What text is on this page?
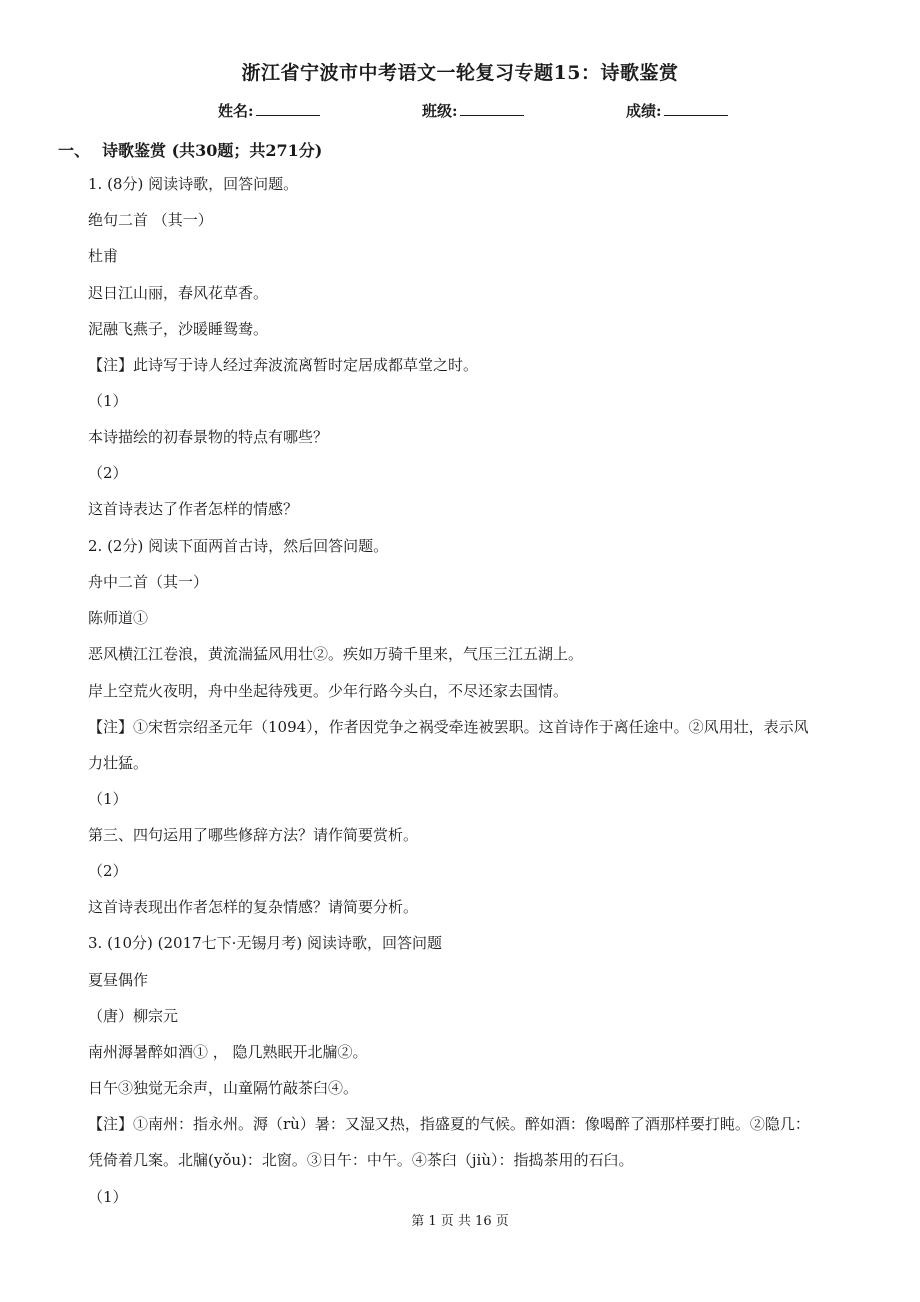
浙江省宁波市中考语文一轮复习专题15：诗歌鉴赏
姓名:	班级:	成绩:
一、 诗歌鉴赏 (共30题；共271分)
1. (8分) 阅读诗歌，回答问题。
绝句二首 （其一）
杜甫
迟日江山丽，春风花草香。
泥融飞燕子，沙暖睡鸳鸯。
【注】此诗写于诗人经过奔波流离暂时定居成都草堂之时。
（1）
本诗描绘的初春景物的特点有哪些？
（2）
这首诗表达了作者怎样的情感？
2. (2分) 阅读下面两首古诗，然后回答问题。
舟中二首（其一）
陈师道①
恶风横江江卷浪，黄流湍猛风用壮②。疾如万骑千里来，气压三江五湖上。
岸上空荒火夜明，舟中坐起待残更。少年行路今头白，不尽还家去国情。
【注】①宋哲宗绍圣元年（1094），作者因党争之祸受牵连被罢职。这首诗作于离任途中。②风用壮，表示风
力壮猛。
（1）
第三、四句运用了哪些修辞方法？请作简要赏析。
（2）
这首诗表现出作者怎样的复杂情感？请简要分析。
3. (10分) (2017七下·无锡月考) 阅读诗歌，回答问题
夏昼偶作
（唐）柳宗元
南州溽暑醉如酒① ， 隐几熟眠开北牖②。
日午③独觉无余声，山童隔竹敲茶臼④。
【注】①南州：指永州。溽（rù）暑：又湿又热，指盛夏的气候。醉如酒：像喝醉了酒那样要打盹。②隐几：
凭倚着几案。北牖(yǒu)：北窗。③日午：中午。④茶臼（jiù）：指捣茶用的石臼。
（1）
第 1 页 共 16 页
